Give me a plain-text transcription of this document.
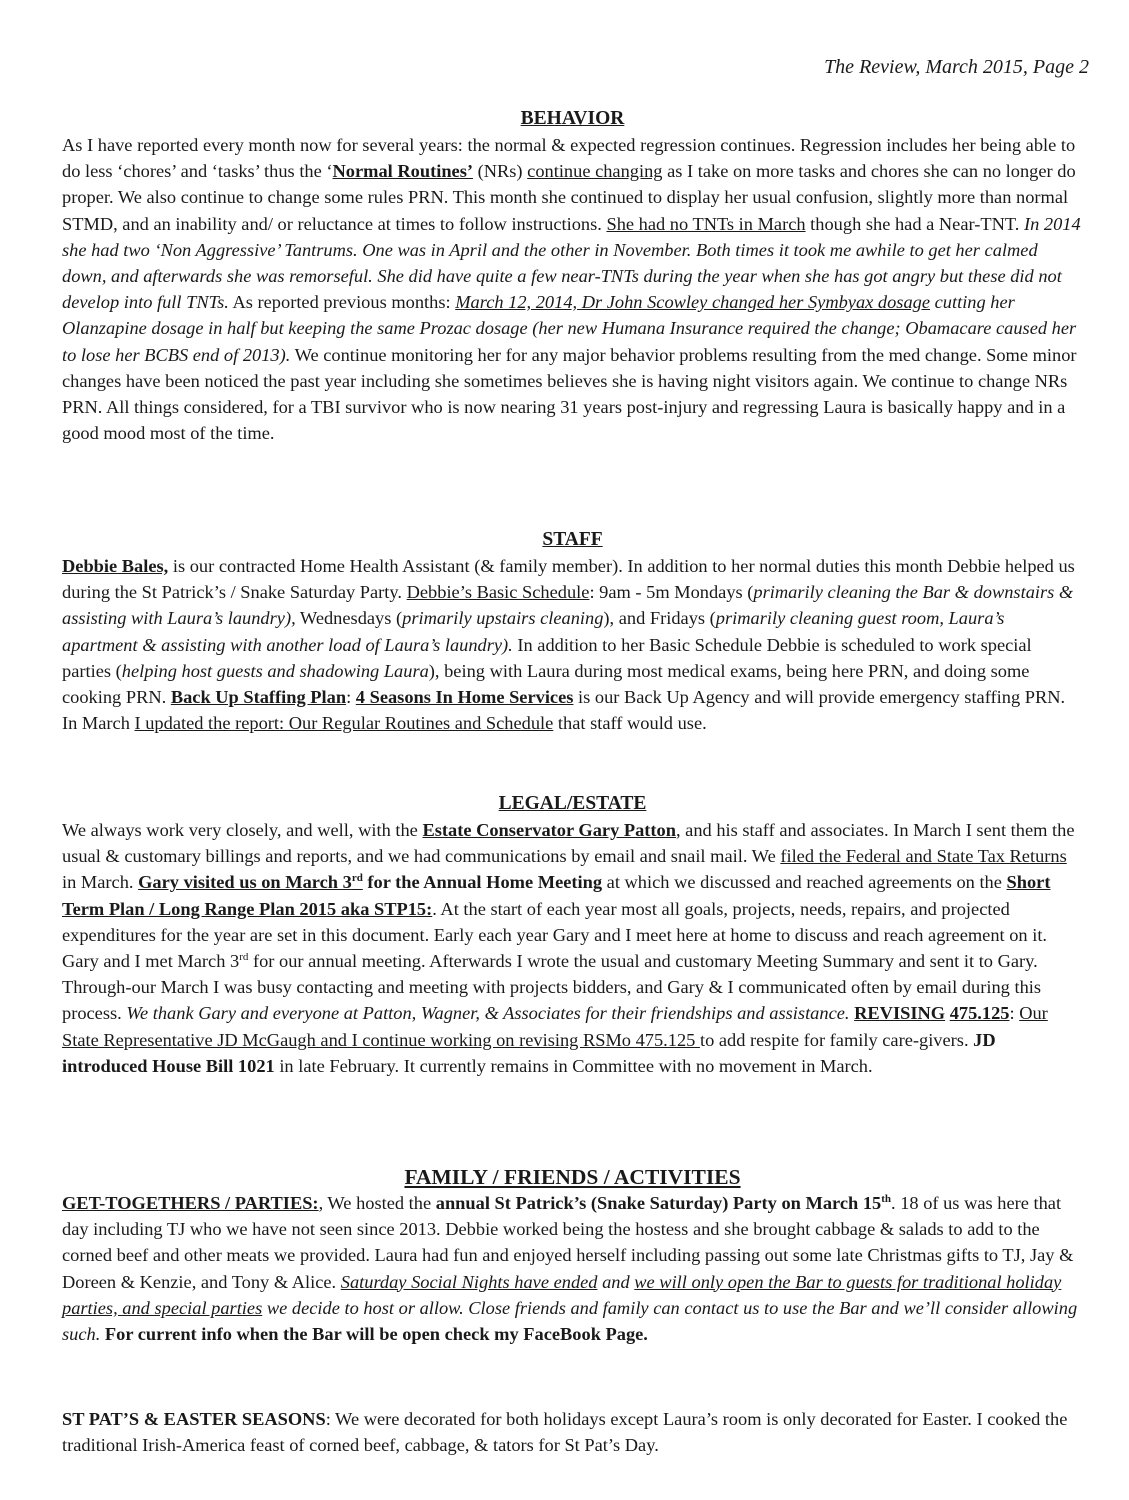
The Review, March 2015, Page 2
BEHAVIOR

As I have reported every month now for several years: the normal & expected regression continues. Regression includes her being able to do less ‘chores’ and ‘tasks’ thus the ‘Normal Routines’ (NRs) continue changing as I take on more tasks and chores she can no longer do proper. We also continue to change some rules PRN. This month she continued to display her usual confusion, slightly more than normal STMD, and an inability and/ or reluctance at times to follow instructions. She had no TNTs in March though she had a Near-TNT. In 2014 she had two ‘Non Aggressive’ Tantrums. One was in April and the other in November. Both times it took me awhile to get her calmed down, and afterwards she was remorseful. She did have quite a few near-TNTs during the year when she has got angry but these did not develop into full TNTs. As reported previous months: March 12, 2014, Dr John Scowley changed her Symbyax dosage cutting her Olanzapine dosage in half but keeping the same Prozac dosage (her new Humana Insurance required the change; Obamacare caused her to lose her BCBS end of 2013). We continue monitoring her for any major behavior problems resulting from the med change. Some minor changes have been noticed the past year including she sometimes believes she is having night visitors again. We continue to change NRs PRN. All things considered, for a TBI survivor who is now nearing 31 years post-injury and regressing Laura is basically happy and in a good mood most of the time.

STAFF

Debbie Bales, is our contracted Home Health Assistant (& family member). In addition to her normal duties this month Debbie helped us during the St Patrick’s / Snake Saturday Party. Debbie’s Basic Schedule: 9am - 5m Mondays (primarily cleaning the Bar & downstairs & assisting with Laura’s laundry), Wednesdays (primarily upstairs cleaning), and Fridays (primarily cleaning guest room, Laura’s apartment & assisting with another load of Laura’s laundry). In addition to her Basic Schedule Debbie is scheduled to work special parties (helping host guests and shadowing Laura), being with Laura during most medical exams, being here PRN, and doing some cooking PRN. Back Up Staffing Plan: 4 Seasons In Home Services is our Back Up Agency and will provide emergency staffing PRN. In March I updated the report: Our Regular Routines and Schedule that staff would use.

LEGAL/ESTATE

We always work very closely, and well, with the Estate Conservator Gary Patton, and his staff and associates. In March I sent them the usual & customary billings and reports, and we had communications by email and snail mail. We filed the Federal and State Tax Returns in March. Gary visited us on March 3rd for the Annual Home Meeting at which we discussed and reached agreements on the Short Term Plan / Long Range Plan 2015 aka STP15:. At the start of each year most all goals, projects, needs, repairs, and projected expenditures for the year are set in this document. Early each year Gary and I meet here at home to discuss and reach agreement on it. Gary and I met March 3rd for our annual meeting. Afterwards I wrote the usual and customary Meeting Summary and sent it to Gary. Through-our March I was busy contacting and meeting with projects bidders, and Gary & I communicated often by email during this process. We thank Gary and everyone at Patton, Wagner, & Associates for their friendships and assistance. REVISING 475.125: Our State Representative JD McGaugh and I continue working on revising RSMo 475.125 to add respite for family care-givers. JD introduced House Bill 1021 in late February. It currently remains in Committee with no movement in March.

FAMILY / FRIENDS / ACTIVITIES

GET-TOGETHERS / PARTIES:, We hosted the annual St Patrick’s (Snake Saturday) Party on March 15th. 18 of us was here that day including TJ who we have not seen since 2013. Debbie worked being the hostess and she brought cabbage & salads to add to the corned beef and other meats we provided. Laura had fun and enjoyed herself including passing out some late Christmas gifts to TJ, Jay & Doreen & Kenzie, and Tony & Alice. Saturday Social Nights have ended and we will only open the Bar to guests for traditional holiday parties, and special parties we decide to host or allow. Close friends and family can contact us to use the Bar and we’ll consider allowing such. For current info when the Bar will be open check my FaceBook Page.

ST PAT’S & EASTER SEASONS: We were decorated for both holidays except Laura’s room is only decorated for Easter. I cooked the traditional Irish-America feast of corned beef, cabbage, & tators for St Pat’s Day.
